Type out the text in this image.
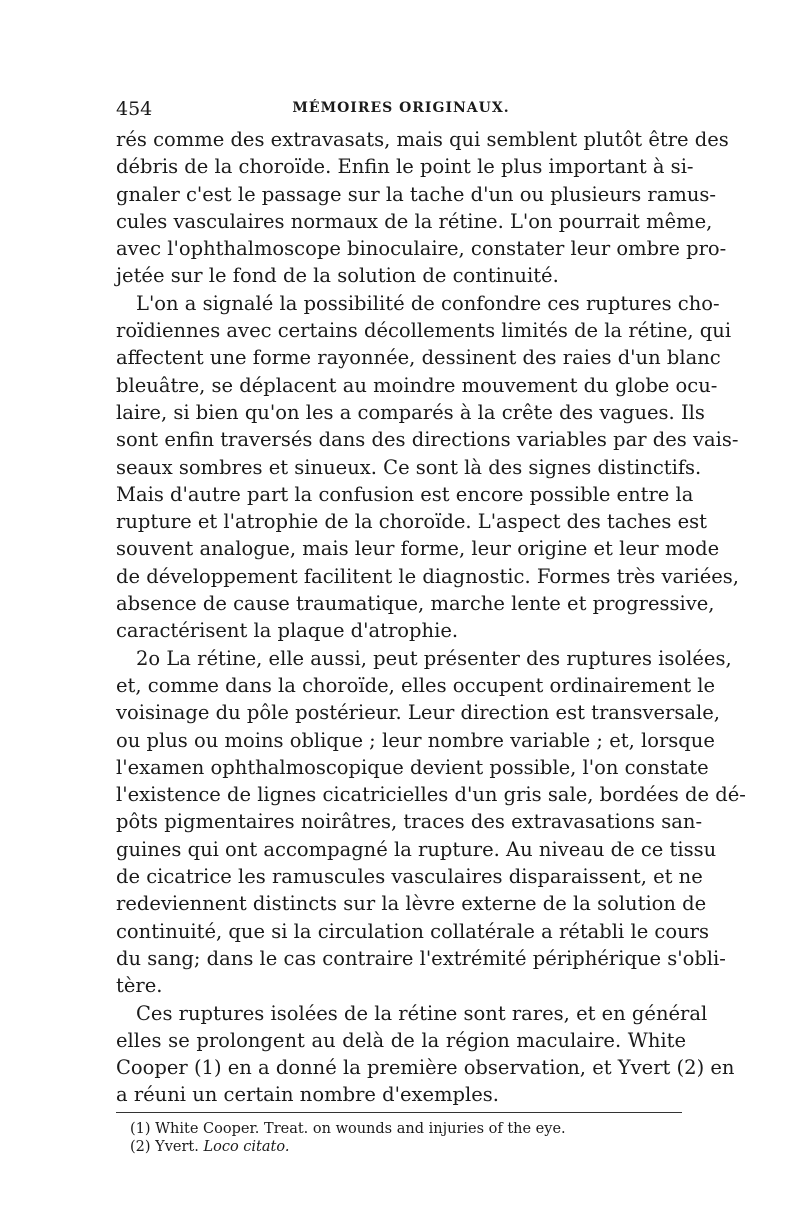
454	MÉMOIRES ORIGINAUX.
rés comme des extravasats, mais qui semblent plutôt être des
débris de la choroïde. Enfin le point le plus important à si-
gnaler c'est le passage sur la tache d'un ou plusieurs ramus-
cules vasculaires normaux de la rétine. L'on pourrait même,
avec l'ophthalmoscope binoculaire, constater leur ombre pro-
jetée sur le fond de la solution de continuité.
L'on a signalé la possibilité de confondre ces ruptures cho-
roïdiennes avec certains décollements limités de la rétine, qui
affectent une forme rayonnée, dessinent des raies d'un blanc
bleuâtre, se déplacent au moindre mouvement du globe ocu-
laire, si bien qu'on les a comparés à la crête des vagues. Ils
sont enfin traversés dans des directions variables par des vais-
seaux sombres et sinueux. Ce sont là des signes distinctifs.
Mais d'autre part la confusion est encore possible entre la
rupture et l'atrophie de la choroïde. L'aspect des taches est
souvent analogue, mais leur forme, leur origine et leur mode
de développement facilitent le diagnostic. Formes très variées,
absence de cause traumatique, marche lente et progressive,
caractérisent la plaque d'atrophie.
2o La rétine, elle aussi, peut présenter des ruptures isolées,
et, comme dans la choroïde, elles occupent ordinairement le
voisinage du pôle postérieur. Leur direction est transversale,
ou plus ou moins oblique ; leur nombre variable ; et, lorsque
l'examen ophthalmoscopique devient possible, l'on constate
l'existence de lignes cicatricielles d'un gris sale, bordées de dé-
pôts pigmentaires noirâtres, traces des extravasations san-
guines qui ont accompagné la rupture. Au niveau de ce tissu
de cicatrice les ramuscules vasculaires disparaissent, et ne
redeviennent distincts sur la lèvre externe de la solution de
continuité, que si la circulation collatérale a rétabli le cours
du sang; dans le cas contraire l'extrémité périphérique s'obli-
tère.
Ces ruptures isolées de la rétine sont rares, et en général
elles se prolongent au delà de la région maculaire. White
Cooper (1) en a donné la première observation, et Yvert (2) en
a réuni un certain nombre d'exemples.
(1) White Cooper. Treat. on wounds and injuries of the eye.
(2) Yvert. Loco citato.
